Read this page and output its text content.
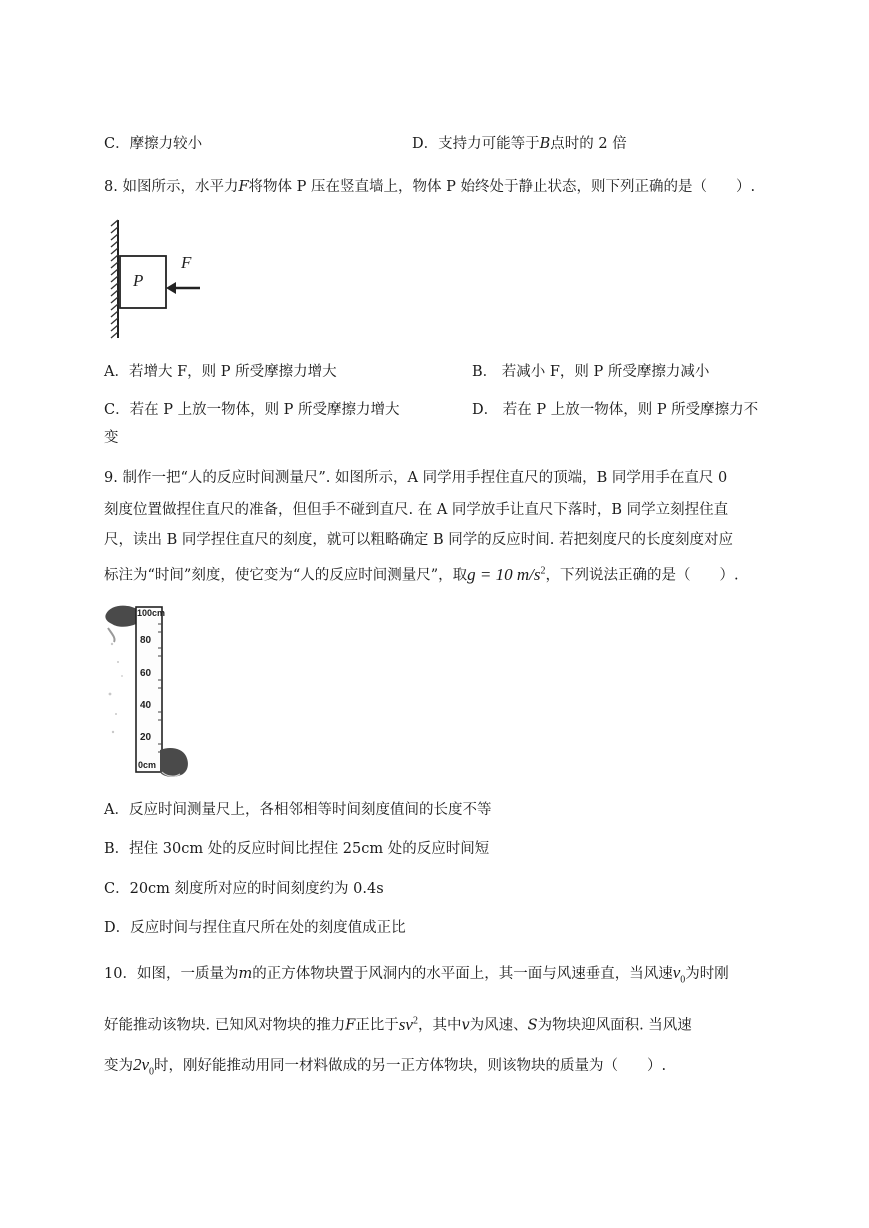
C．摩擦力较小	D．支持力可能等于B点时的 2 倍
8. 如图所示，水平力F将物体 P 压在竖直墙上，物体 P 始终处于静止状态，则下列正确的是（　　）.
P
F
A．若增大 F，则 P 所受摩擦力增大	B． 若减小 F，则 P 所受摩擦力减小
C．若在 P 上放一物体，则 P 所受摩擦力增大	D． 若在 P 上放一物体，则 P 所受摩擦力不
变
9. 制作一把“人的反应时间测量尺”. 如图所示，A 同学用手捏住直尺的顶端，B 同学用手在直尺 0
刻度位置做捏住直尺的准备，但但手不碰到直尺. 在 A 同学放手让直尺下落时，B 同学立刻捏住直
尺，读出 B 同学捏住直尺的刻度，就可以粗略确定 B 同学的反应时间. 若把刻度尺的长度刻度对应
标注为“时间”刻度，使它变为“人的反应时间测量尺”，取g = 10 $m/s^2$，下列说法正确的是（　　）.
100cm
80
60
40
20
0cm
A．反应时间测量尺上，各相邻相等时间刻度值间的长度不等
B．捏住 30cm 处的反应时间比捏住 25cm 处的反应时间短
C．20cm 刻度所对应的时间刻度约为 0.4s
D．反应时间与捏住直尺所在处的刻度值成正比
10．如图，一质量为m的正方体物块置于风洞内的水平面上，其一面与风速垂直，当风速$v_0$为时刚
好能推动该物块. 已知风对物块的推力F正比于$sv^2$，其中v为风速、S为物块迎风面积. 当风速
变为$2v_0$时，刚好能推动用同一材料做成的另一正方体物块，则该物块的质量为（　　）.
